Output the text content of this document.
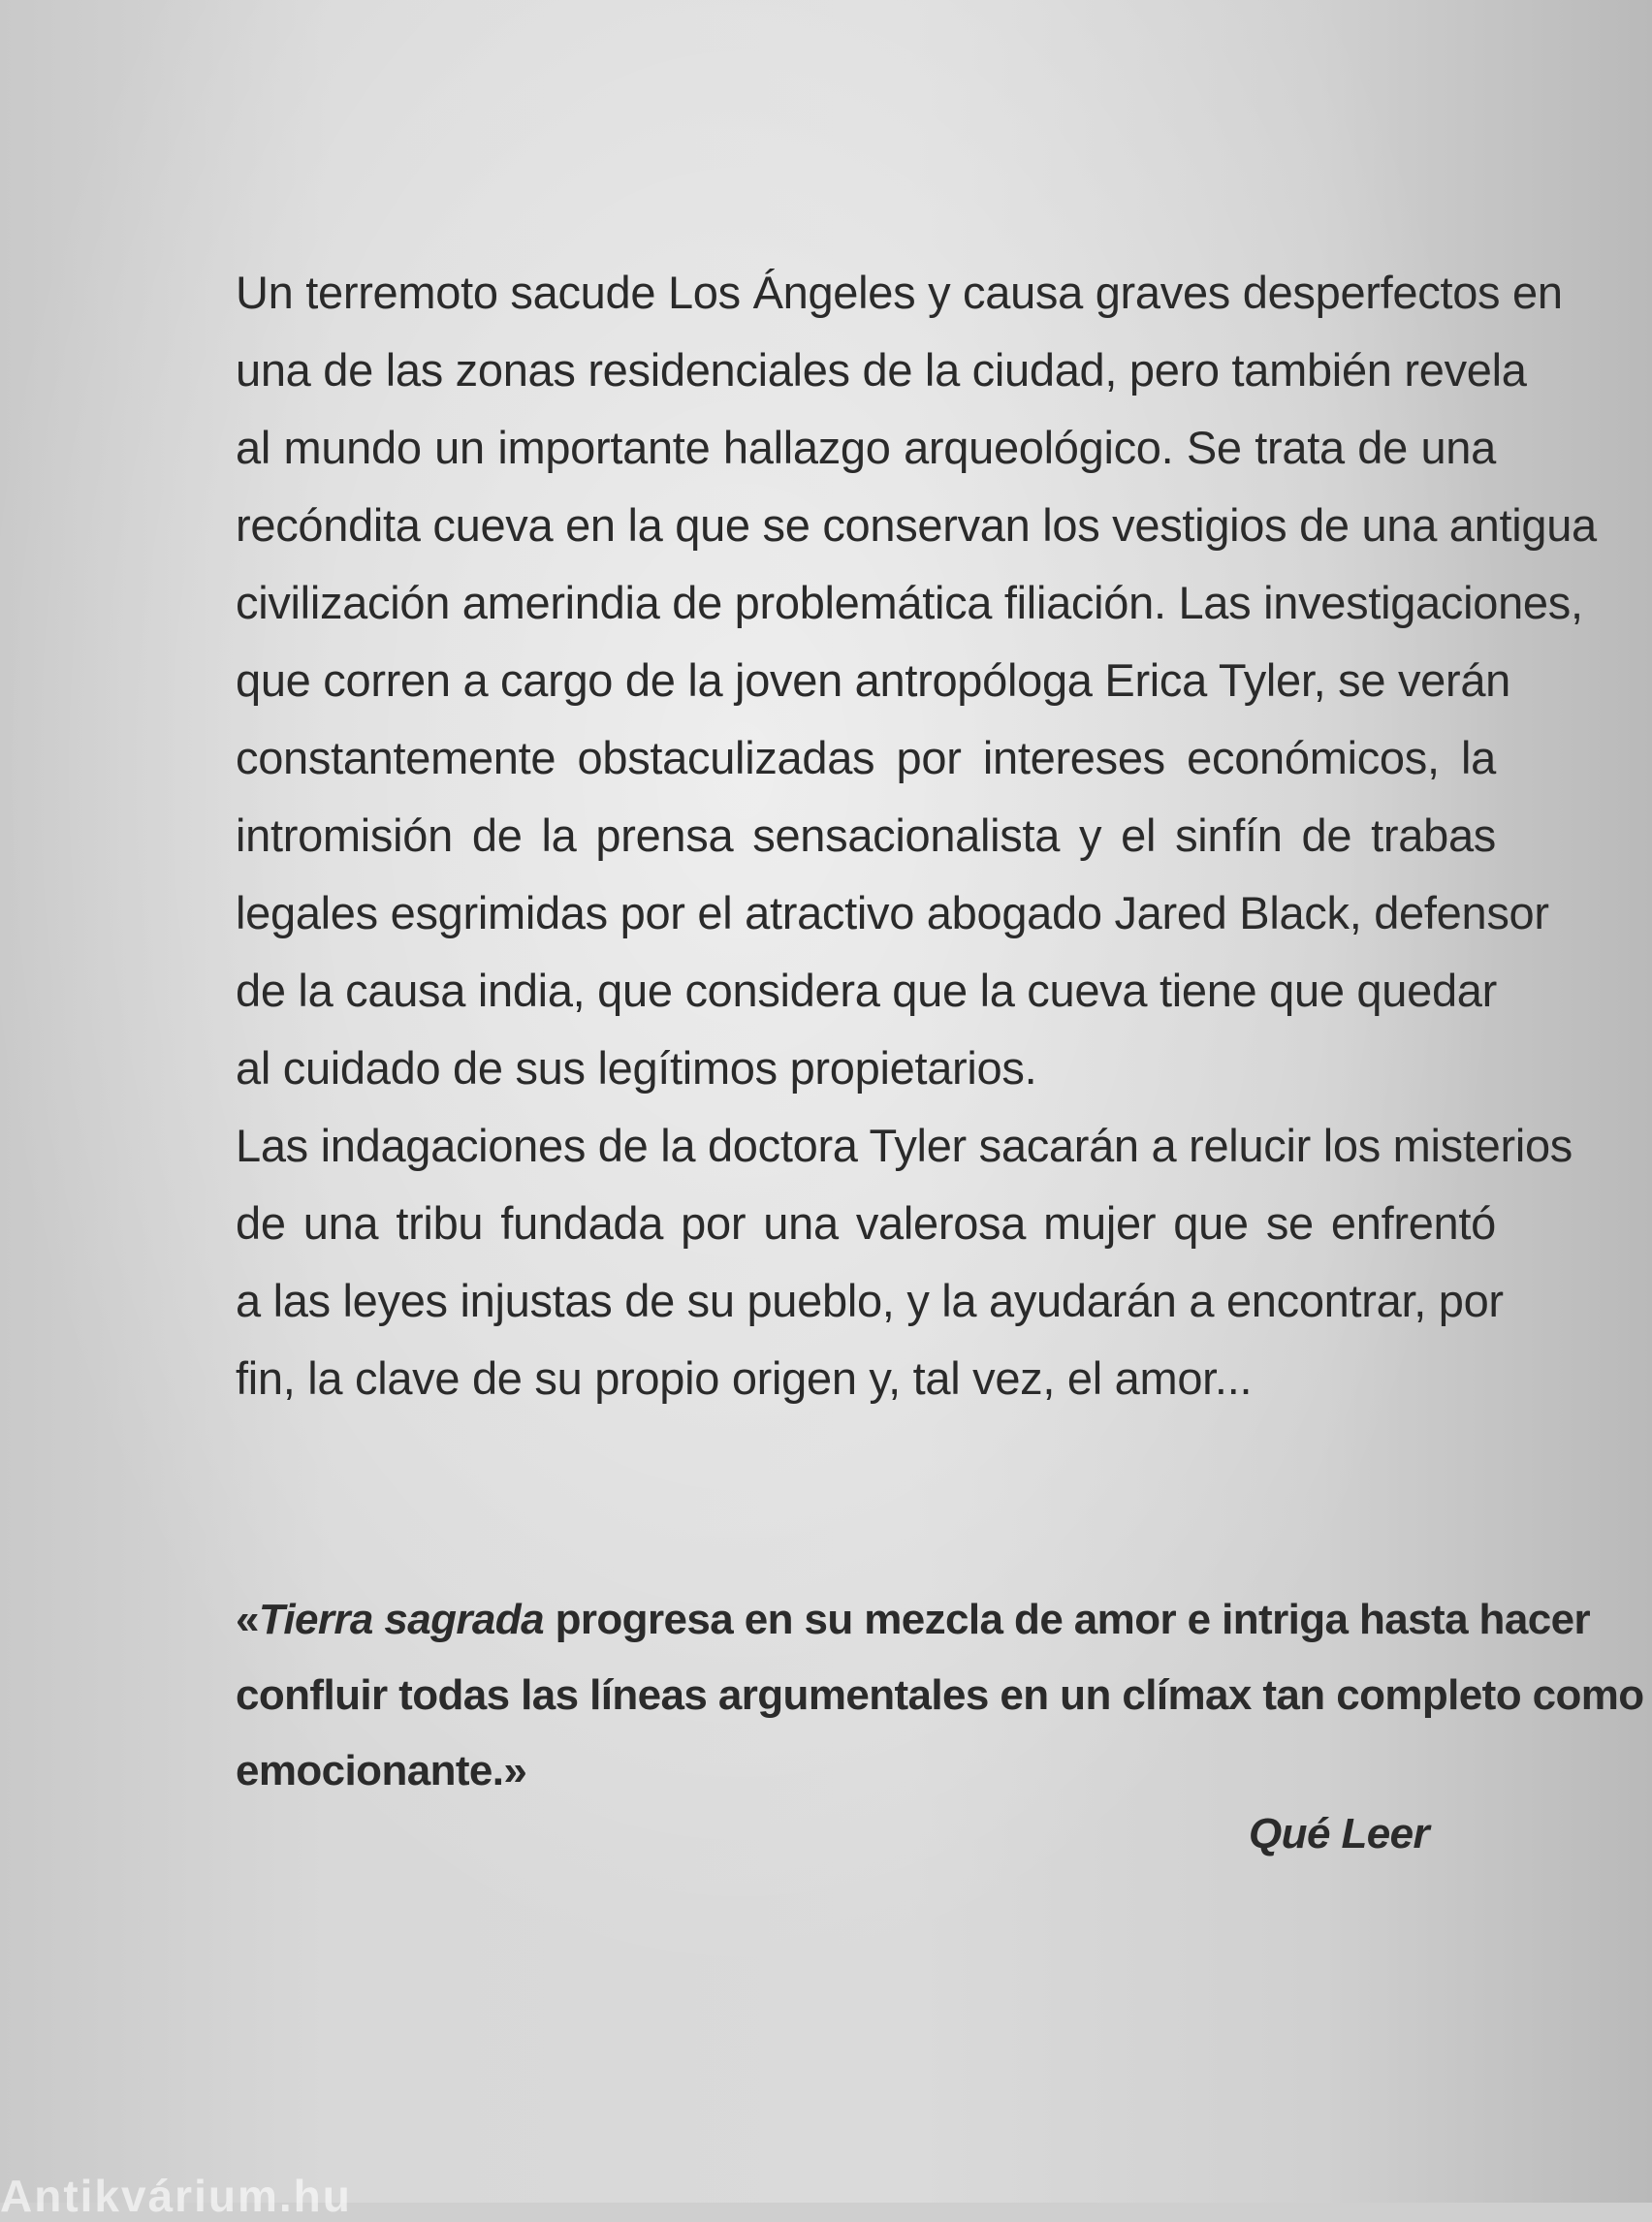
Un terremoto sacude Los Ángeles y causa graves desperfectos en
una de las zonas residenciales de la ciudad, pero también revela
al mundo un importante hallazgo arqueológico. Se trata de una
recóndita cueva en la que se conservan los vestigios de una antigua
civilización amerindia de problemática filiación. Las investigaciones,
que corren a cargo de la joven antropóloga Erica Tyler, se verán
constantemente obstaculizadas por intereses económicos, la
intromisión de la prensa sensacionalista y el sinfín de trabas
legales esgrimidas por el atractivo abogado Jared Black, defensor
de la causa india, que considera que la cueva tiene que quedar
al cuidado de sus legítimos propietarios.
Las indagaciones de la doctora Tyler sacarán a relucir los misterios
de una tribu fundada por una valerosa mujer que se enfrentó
a las leyes injustas de su pueblo, y la ayudarán a encontrar, por
fin, la clave de su propio origen y, tal vez, el amor...
«Tierra sagrada progresa en su mezcla de amor e intriga hasta hacer
confluir todas las líneas argumentales en un clímax tan completo como
emocionante.»
Qué Leer
Antikvárium.hu
